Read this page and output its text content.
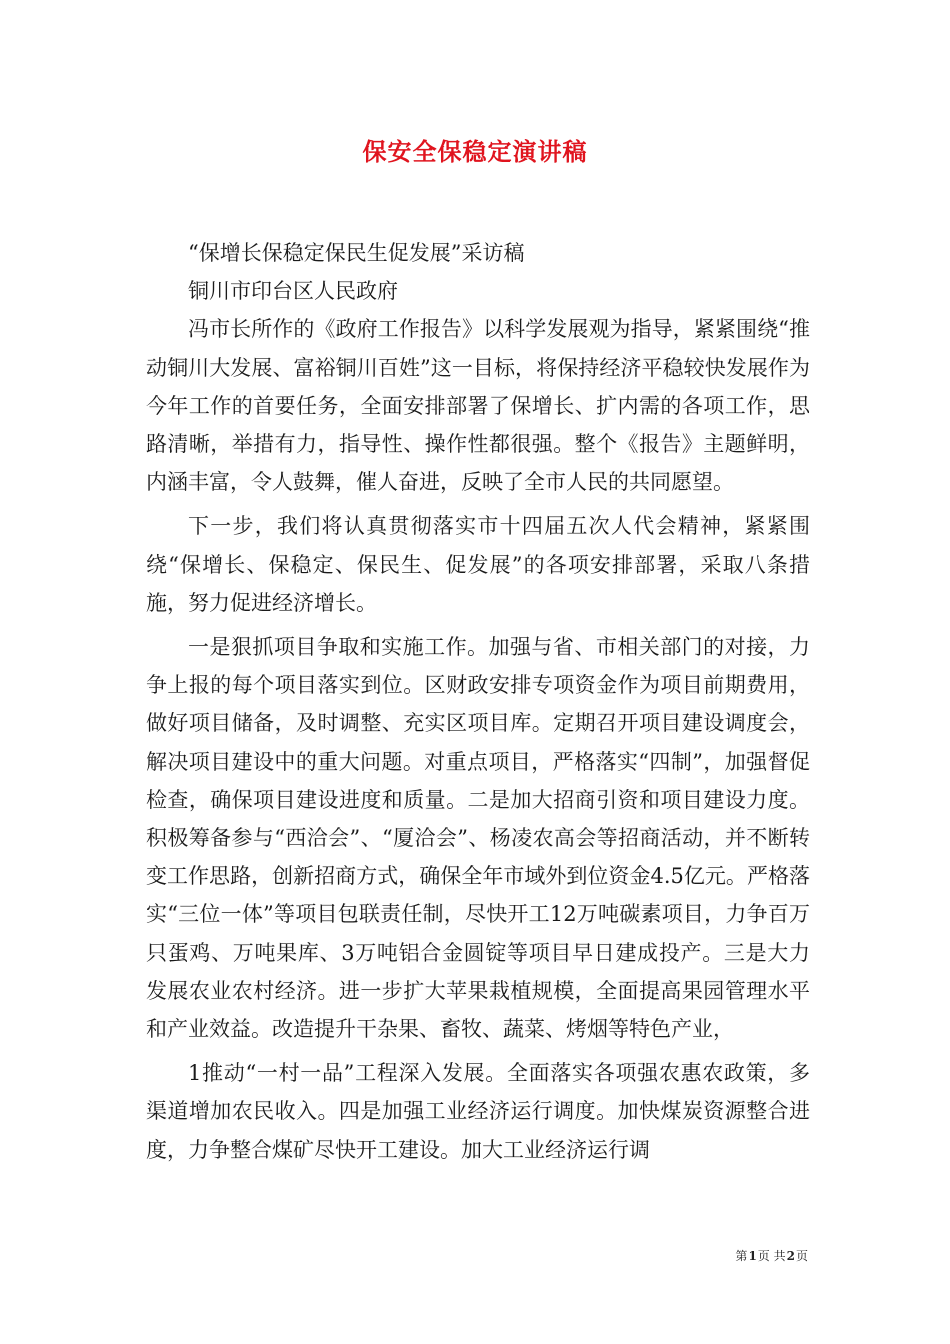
保安全保稳定演讲稿

“保增长保稳定保民生促发展”采访稿

铜川市印台区人民政府

冯市长所作的《政府工作报告》以科学发展观为指导，紧紧围绕“推动铜川大发展、富裕铜川百姓”这一目标，将保持经济平稳较快发展作为今年工作的首要任务，全面安排部署了保增长、扩内需的各项工作，思路清晰，举措有力，指导性、操作性都很强。整个《报告》主题鲜明，内涵丰富，令人鼓舞，催人奋进，反映了全市人民的共同愿望。

下一步，我们将认真贯彻落实市十四届五次人代会精神，紧紧围绕“保增长、保稳定、保民生、促发展”的各项安排部署，采取八条措施，努力促进经济增长。

一是狠抓项目争取和实施工作。加强与省、市相关部门的对接，力争上报的每个项目落实到位。区财政安排专项资金作为项目前期费用，做好项目储备，及时调整、充实区项目库。定期召开项目建设调度会，解决项目建设中的重大问题。对重点项目，严格落实“四制”，加强督促检查，确保项目建设进度和质量。二是加大招商引资和项目建设力度。积极筹备参与“西洽会”、“厦洽会”、杨凌农高会等招商活动，并不断转变工作思路，创新招商方式，确保全年市域外到位资金4.5亿元。严格落实“三位一体”等项目包联责任制，尽快开工12万吨碳素项目，力争百万只蛋鸡、万吨果库、3万吨铝合金圆锭等项目早日建成投产。三是大力发展农业农村经济。进一步扩大苹果栽植规模，全面提高果园管理水平和产业效益。改造提升干杂果、畜牧、蔬菜、烤烟等特色产业，

1推动“一村一品”工程深入发展。全面落实各项强农惠农政策，多渠道增加农民收入。四是加强工业经济运行调度。加快煤炭资源整合进度，力争整合煤矿尽快开工建设。加大工业经济运行调

第1页 共2页
